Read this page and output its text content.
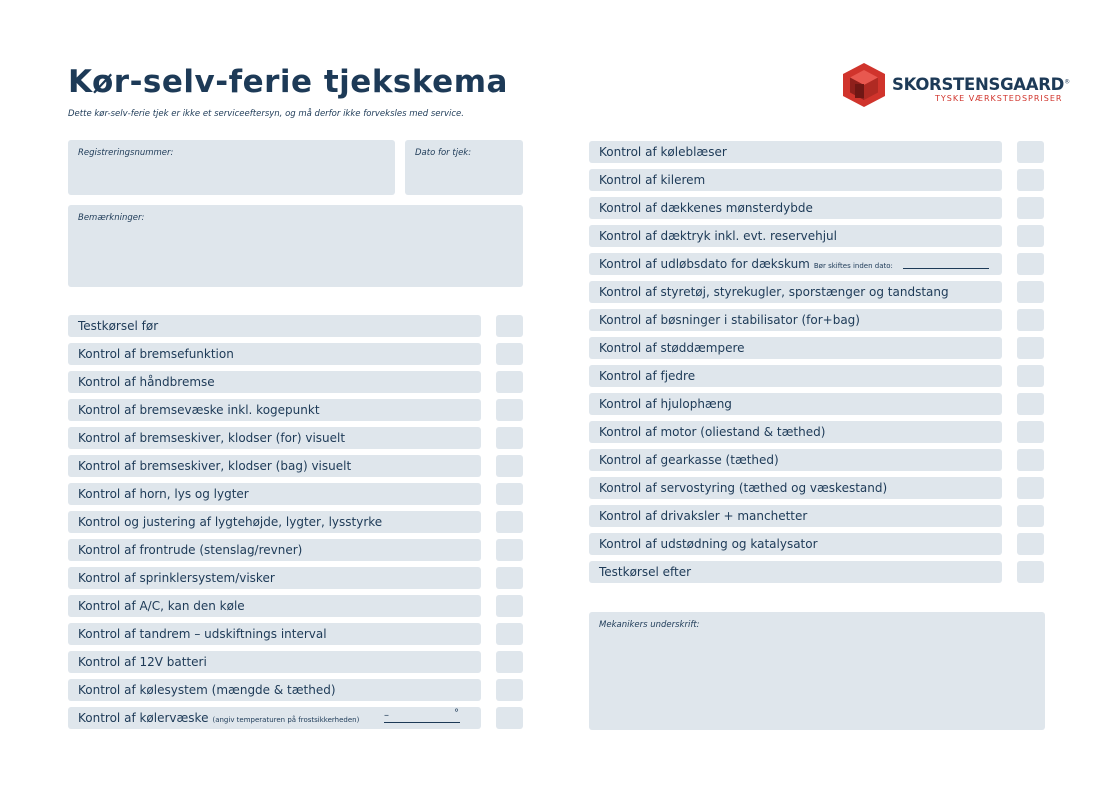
Kør-selv-ferie tjekskema
Dette kør-selv-ferie tjek er ikke et serviceeftersyn, og må derfor ikke forveksles med service.
SKORSTENSGAARD®
TYSKE VÆRKSTEDSPRISER
Registreringsnummer:	Dato for tjek:
Bemærkninger:
Mekanikers underskrift:
Testkørsel før
Kontrol af bremsefunktion
Kontrol af håndbremse
Kontrol af bremsevæske inkl. kogepunkt
Kontrol af bremseskiver, klodser (for) visuelt
Kontrol af bremseskiver, klodser (bag) visuelt
Kontrol af horn, lys og lygter
Kontrol og justering af lygtehøjde, lygter, lysstyrke
Kontrol af frontrude (stenslag/revner)
Kontrol af sprinklersystem/visker
Kontrol af A/C, kan den køle
Kontrol af tandrem – udskiftnings interval
Kontrol af 12V batteri
Kontrol af kølesystem (mængde & tæthed)
Kontrol af kølervæske (angiv temperaturen på frostsikkerheden) –	°
Kontrol af køleblæser
Kontrol af kilerem
Kontrol af dækkenes mønsterdybde
Kontrol af dæktryk inkl. evt. reservehjul
Kontrol af udløbsdato for dækskum Bør skiftes inden dato:
Kontrol af styretøj, styrekugler, sporstænger og tandstang
Kontrol af bøsninger i stabilisator (for+bag)
Kontrol af støddæmpere
Kontrol af fjedre
Kontrol af hjulophæng
Kontrol af motor (oliestand & tæthed)
Kontrol af gearkasse (tæthed)
Kontrol af servostyring (tæthed og væskestand)
Kontrol af drivaksler + manchetter
Kontrol af udstødning og katalysator
Testkørsel efter
